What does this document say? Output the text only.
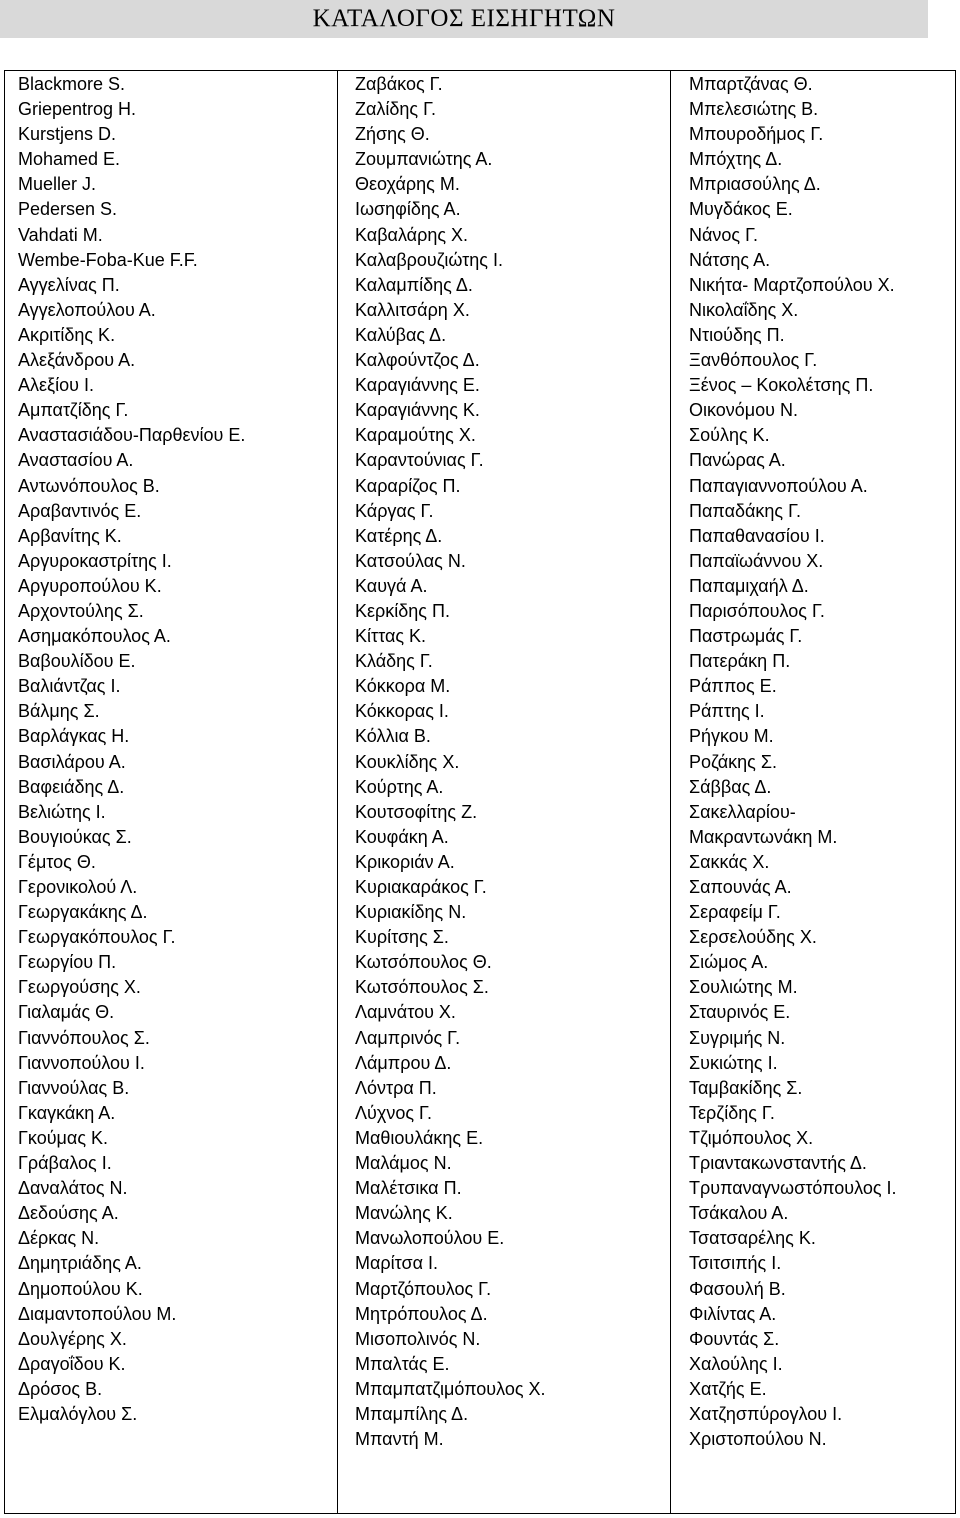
ΚΑΤΑΛΟΓΟΣ ΕΙΣΗΓΗΤΩΝ
Blackmore S.
Griepentrog H.
Kurstjens D.
Mohamed E.
Mueller J.
Pedersen S.
Vahdati M.
Wembe-Foba-Kue F.F.
Αγγελίνας Π.
Αγγελοπούλου Α.
Ακριτίδης Κ.
Αλεξάνδρου Α.
Αλεξίου Ι.
Αμπατζίδης Γ.
Αναστασιάδου-Παρθενίου Ε.
Αναστασίου Α.
Αντωνόπουλος Β.
Αραβαντινός Ε.
Αρβανίτης Κ.
Αργυροκαστρίτης Ι.
Αργυροπούλου Κ.
Αρχοντούλης Σ.
Ασημακόπουλος Α.
Βαβουλίδου Ε.
Βαλιάντζας Ι.
Βάλμης Σ.
Βαρλάγκας Η.
Βασιλάρου Α.
Βαφειάδης Δ.
Βελιώτης Ι.
Βουγιούκας Σ.
Γέμτος Θ.
Γερονικολού Λ.
Γεωργακάκης Δ.
Γεωργακόπουλος Γ.
Γεωργίου Π.
Γεωργούσης Χ.
Γιαλαμάς Θ.
Γιαννόπουλος Σ.
Γιαννοπούλου Ι.
Γιαννούλας Β.
Γκαγκάκη Α.
Γκούμας Κ.
Γράβαλος Ι.
Δαναλάτος Ν.
Δεδούσης Α.
Δέρκας Ν.
Δημητριάδης Α.
Δημοπούλου Κ.
Διαμαντοπούλου Μ.
Δουλγέρης Χ.
Δραγοΐδου Κ.
Δρόσος Β.
Ελμαλόγλου Σ.
Ζαβάκος Γ.
Ζαλίδης Γ.
Ζήσης Θ.
Ζουμπανιώτης Α.
Θεοχάρης Μ.
Ιωσηφίδης Α.
Καβαλάρης Χ.
Καλαβρουζιώτης Ι.
Καλαμπίδης Δ.
Καλλιτσάρη Χ.
Καλύβας Δ.
Καλφούντζος Δ.
Καραγιάννης Ε.
Καραγιάννης Κ.
Καραμούτης Χ.
Καραντούνιας Γ.
Καραρίζος Π.
Κάργας Γ.
Κατέρης Δ.
Κατσούλας Ν.
Καυγά Α.
Κερκίδης Π.
Κίττας Κ.
Κλάδης Γ.
Κόκκορα Μ.
Κόκκορας Ι.
Κόλλια Β.
Κουκλίδης Χ.
Κούρτης Α.
Κουτσοφίτης Ζ.
Κουφάκη Α.
Κρικοριάν Α.
Κυριακαράκος Γ.
Κυριακίδης Ν.
Κυρίτσης Σ.
Κωτσόπουλος Θ.
Κωτσόπουλος Σ.
Λαμνάτου Χ.
Λαμπρινός Γ.
Λάμπρου Δ.
Λόντρα Π.
Λύχνος Γ.
Μαθιουλάκης Ε.
Μαλάμος Ν.
Μαλέτσικα Π.
Μανώλης Κ.
Μανωλοπούλου Ε.
Μαρίτσα Ι.
Μαρτζόπουλος Γ.
Μητρόπουλος Δ.
Μισοπολινός Ν.
Μπαλτάς Ε.
Μπαμπατζιμόπουλος Χ.
Μπαμπίλης Δ.
Μπαντή Μ.
Μπαρτζάνας Θ.
Μπελεσιώτης Β.
Μπουροδήμος Γ.
Μπόχτης Δ.
Μπριασούλης Δ.
Μυγδάκος Ε.
Νάνος Γ.
Νάτσης Α.
Νικήτα- Μαρτζοπούλου Χ.
Νικολαΐδης Χ.
Ντιούδης Π.
Ξανθόπουλος Γ.
Ξένος – Κοκολέτσης Π.
Οικονόμου Ν.
Σούλης Κ.
Πανώρας Α.
Παπαγιαννοπούλου Α.
Παπαδάκης Γ.
Παπαθανασίου Ι.
Παπαϊωάννου Χ.
Παπαμιχαήλ Δ.
Παρισόπουλος Γ.
Παστρωμάς Γ.
Πατεράκη Π.
Ράππος Ε.
Ράπτης Ι.
Ρήγκου Μ.
Ροζάκης Σ.
Σάββας Δ.
Σακελλαρίου-
Μακραντωνάκη Μ.
Σακκάς Χ.
Σαπουνάς Α.
Σεραφείμ Γ.
Σερσελούδης Χ.
Σιώμος Α.
Σουλιώτης Μ.
Σταυρινός Ε.
Συγριμής Ν.
Συκιώτης Ι.
Ταμβακίδης Σ.
Τερζίδης Γ.
Τζιμόπουλος Χ.
Τριαντακωνσταντής Δ.
Τρυπαναγνωστόπουλος Ι.
Τσάκαλου Α.
Τσατσαρέλης Κ.
Τσιτσιπής Ι.
Φασουλή Β.
Φιλίντας Α.
Φουντάς Σ.
Χαλούλης Ι.
Χατζής Ε.
Χατζησπύρογλου Ι.
Χριστοπούλου Ν.
